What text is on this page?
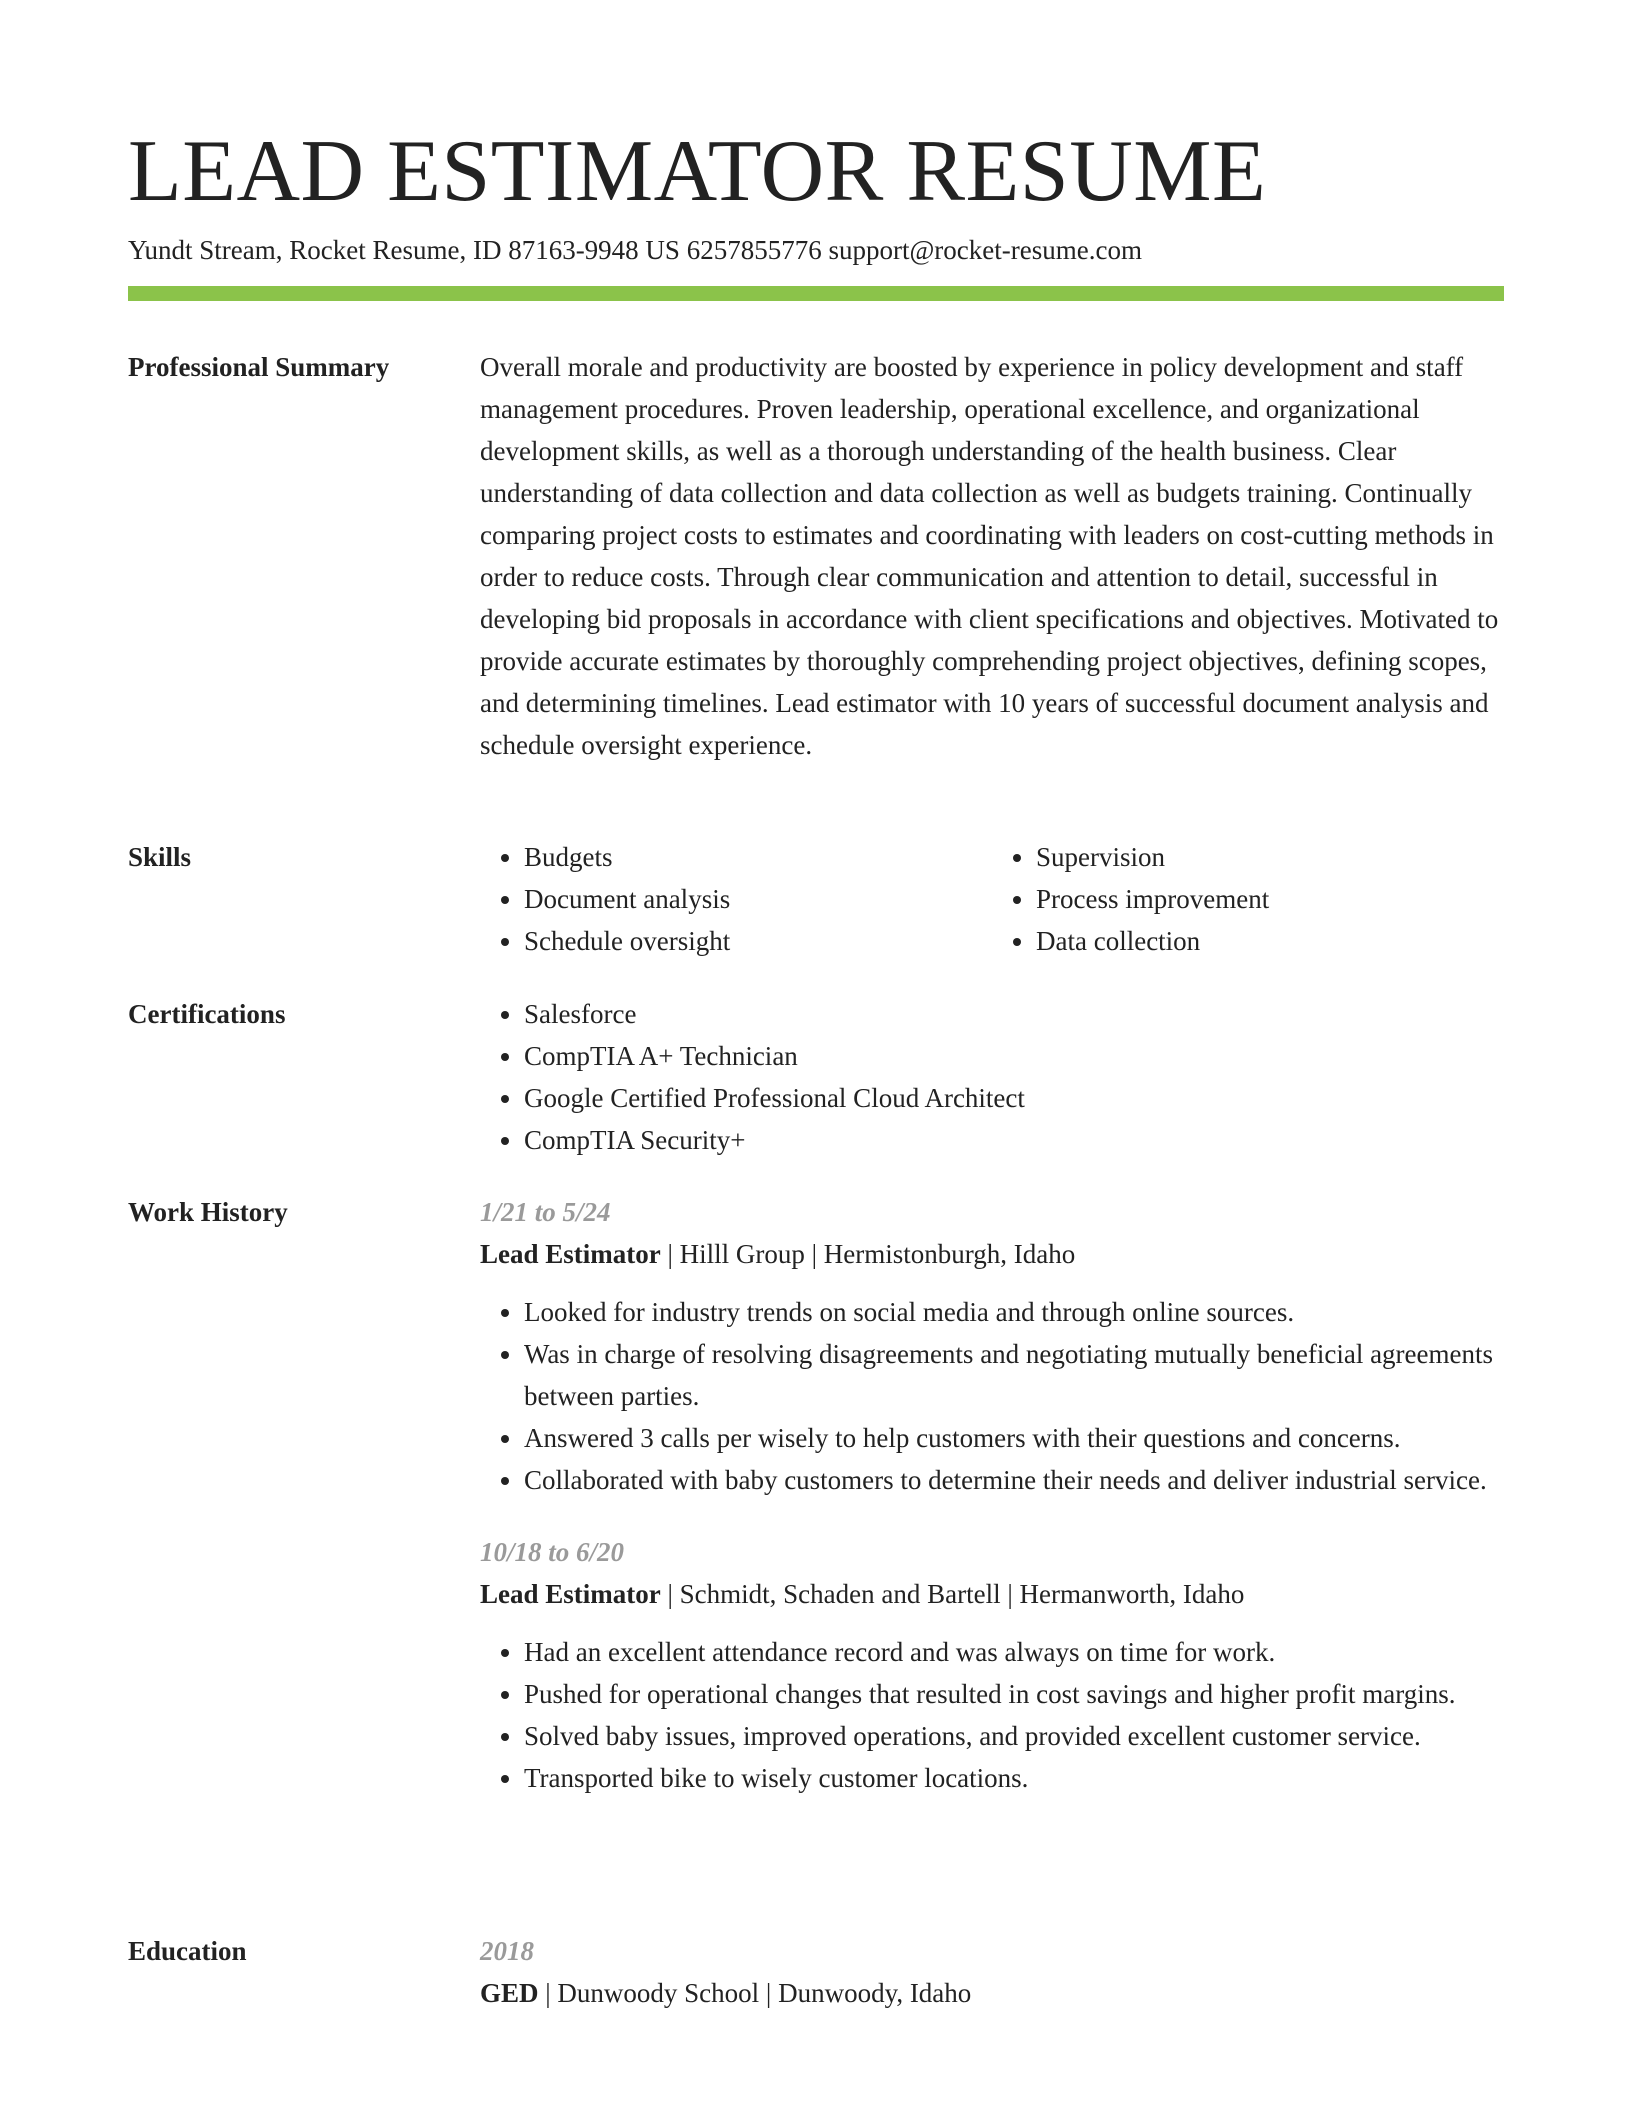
LEAD ESTIMATOR RESUME
Yundt Stream, Rocket Resume, ID 87163-9948 US 6257855776 support@rocket-resume.com
Professional Summary	Overall morale and productivity are boosted by experience in policy development and staff management procedures. Proven leadership, operational excellence, and organizational development skills, as well as a thorough understanding of the health business. Clear understanding of data collection and data collection as well as budgets training. Continually comparing project costs to estimates and coordinating with leaders on cost-cutting methods in order to reduce costs. Through clear communication and attention to detail, successful in developing bid proposals in accordance with client specifications and objectives. Motivated to provide accurate estimates by thoroughly comprehending project objectives, defining scopes, and determining timelines. Lead estimator with 10 years of successful document analysis and schedule oversight experience.

Skills	• Budgets
• Document analysis
• Schedule oversight
• Supervision
• Process improvement
• Data collection
Certifications	• Salesforce
• CompTIA A+ Technician
• Google Certified Professional Cloud Architect
• CompTIA Security+
Work History	1/21 to 5/24
Lead Estimator | Hilll Group | Hermistonburgh, Idaho
• Looked for industry trends on social media and through online sources.
• Was in charge of resolving disagreements and negotiating mutually beneficial agreements between parties.
• Answered 3 calls per wisely to help customers with their questions and concerns.
• Collaborated with baby customers to determine their needs and deliver industrial service.
10/18 to 6/20
Lead Estimator | Schmidt, Schaden and Bartell | Hermanworth, Idaho
• Had an excellent attendance record and was always on time for work.
• Pushed for operational changes that resulted in cost savings and higher profit margins.
• Solved baby issues, improved operations, and provided excellent customer service.
• Transported bike to wisely customer locations.
Education	2018
GED | Dunwoody School | Dunwoody, Idaho
